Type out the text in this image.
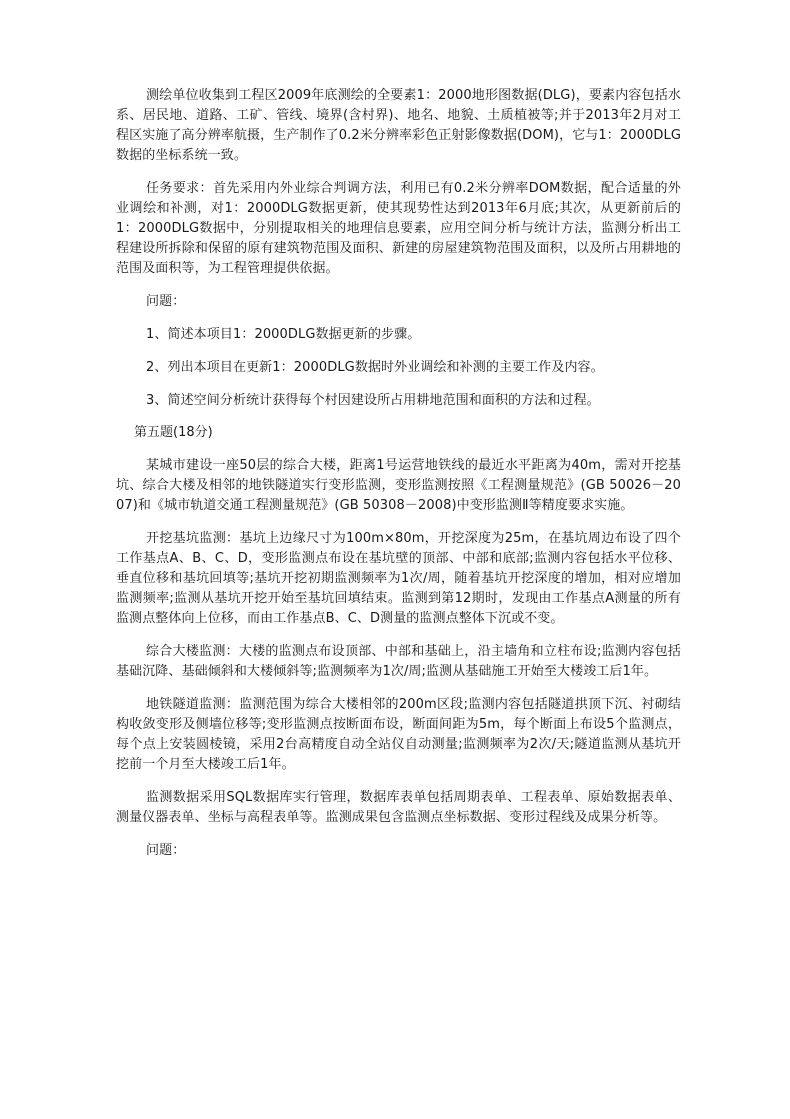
测绘单位收集到工程区2009年底测绘的全要素1：2000地形图数据(DLG)，要素内容包括水系、居民地、道路、工矿、管线、境界(含村界)、地名、地貌、土质植被等;并于2013年2月对工程区实施了高分辨率航摄，生产制作了0.2米分辨率彩色正射影像数据(DOM)，它与1：2000DLG数据的坐标系统一致。

任务要求：首先采用内外业综合判调方法，利用已有0.2米分辨率DOM数据，配合适量的外业调绘和补测，对1：2000DLG数据更新，使其现势性达到2013年6月底;其次，从更新前后的1：2000DLG数据中，分别提取相关的地理信息要素，应用空间分析与统计方法，监测分析出工程建设所拆除和保留的原有建筑物范围及面积、新建的房屋建筑物范围及面积，以及所占用耕地的范围及面积等，为工程管理提供依据。

问题：

1、简述本项目1：2000DLG数据更新的步骤。

2、列出本项目在更新1：2000DLG数据时外业调绘和补测的主要工作及内容。

3、简述空间分析统计获得每个村因建设所占用耕地范围和面积的方法和过程。

第五题(18分)

某城市建设一座50层的综合大楼，距离1号运营地铁线的最近水平距离为40m，需对开挖基坑、综合大楼及相邻的地铁隧道实行变形监测，变形监测按照《工程测量规范》(GB 50026－2007)和《城市轨道交通工程测量规范》(GB 50308－2008)中变形监测Ⅱ等精度要求实施。

开挖基坑监测：基坑上边缘尺寸为100m×80m，开挖深度为25m，在基坑周边布设了四个工作基点A、B、C、D，变形监测点布设在基坑壁的顶部、中部和底部;监测内容包括水平位移、垂直位移和基坑回填等;基坑开挖初期监测频率为1次/周，随着基坑开挖深度的增加，相对应增加监测频率;监测从基坑开挖开始至基坑回填结束。监测到第12期时，发现由工作基点A测量的所有监测点整体向上位移，而由工作基点B、C、D测量的监测点整体下沉或不变。

综合大楼监测：大楼的监测点布设顶部、中部和基础上，沿主墙角和立柱布设;监测内容包括基础沉降、基础倾斜和大楼倾斜等;监测频率为1次/周;监测从基础施工开始至大楼竣工后1年。

地铁隧道监测：监测范围为综合大楼相邻的200m区段;监测内容包括隧道拱顶下沉、衬砌结构收敛变形及侧墙位移等;变形监测点按断面布设，断面间距为5m，每个断面上布设5个监测点，每个点上安装圆棱镜，采用2台高精度自动全站仪自动测量;监测频率为2次/天;隧道监测从基坑开挖前一个月至大楼竣工后1年。

监测数据采用SQL数据库实行管理，数据库表单包括周期表单、工程表单、原始数据表单、测量仪器表单、坐标与高程表单等。监测成果包含监测点坐标数据、变形过程线及成果分析等。

问题：
